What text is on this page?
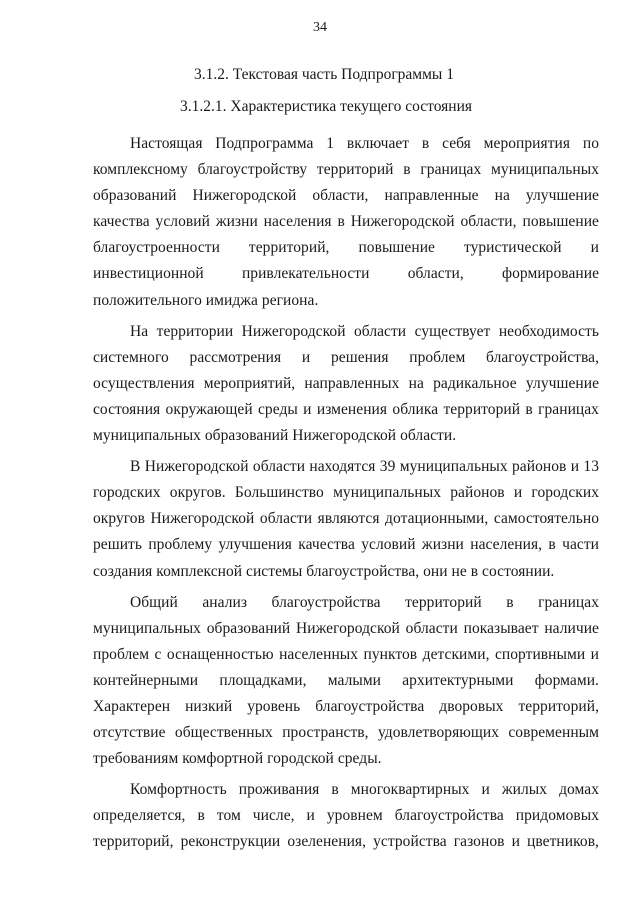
34
3.1.2. Текстовая часть Подпрограммы 1
3.1.2.1. Характеристика текущего состояния

Настоящая Подпрограмма 1 включает в себя мероприятия по комплексному благоустройству территорий в границах муниципальных образований Нижегородской области, направленные на улучшение качества условий жизни населения в Нижегородской области, повышение благоустроенности территорий, повышение туристической и инвестиционной привлекательности области, формирование положительного имиджа региона.

На территории Нижегородской области существует необходимость системного рассмотрения и решения проблем благоустройства, осуществления мероприятий, направленных на радикальное улучшение состояния окружающей среды и изменения облика территорий в границах муниципальных образований Нижегородской области.

В Нижегородской области находятся 39 муниципальных районов и 13 городских округов. Большинство муниципальных районов и городских округов Нижегородской области являются дотационными, самостоятельно решить проблему улучшения качества условий жизни населения, в части создания комплексной системы благоустройства, они не в состоянии.

Общий анализ благоустройства территорий в границах муниципальных образований Нижегородской области показывает наличие проблем с оснащенностью населенных пунктов детскими, спортивными и контейнерными площадками, малыми архитектурными формами. Характерен низкий уровень благоустройства дворовых территорий, отсутствие общественных пространств, удовлетворяющих современным требованиям комфортной городской среды.

Комфортность проживания в многоквартирных и жилых домах определяется, в том числе, и уровнем благоустройства придомовых территорий, реконструкции озеленения, устройства газонов и цветников,
